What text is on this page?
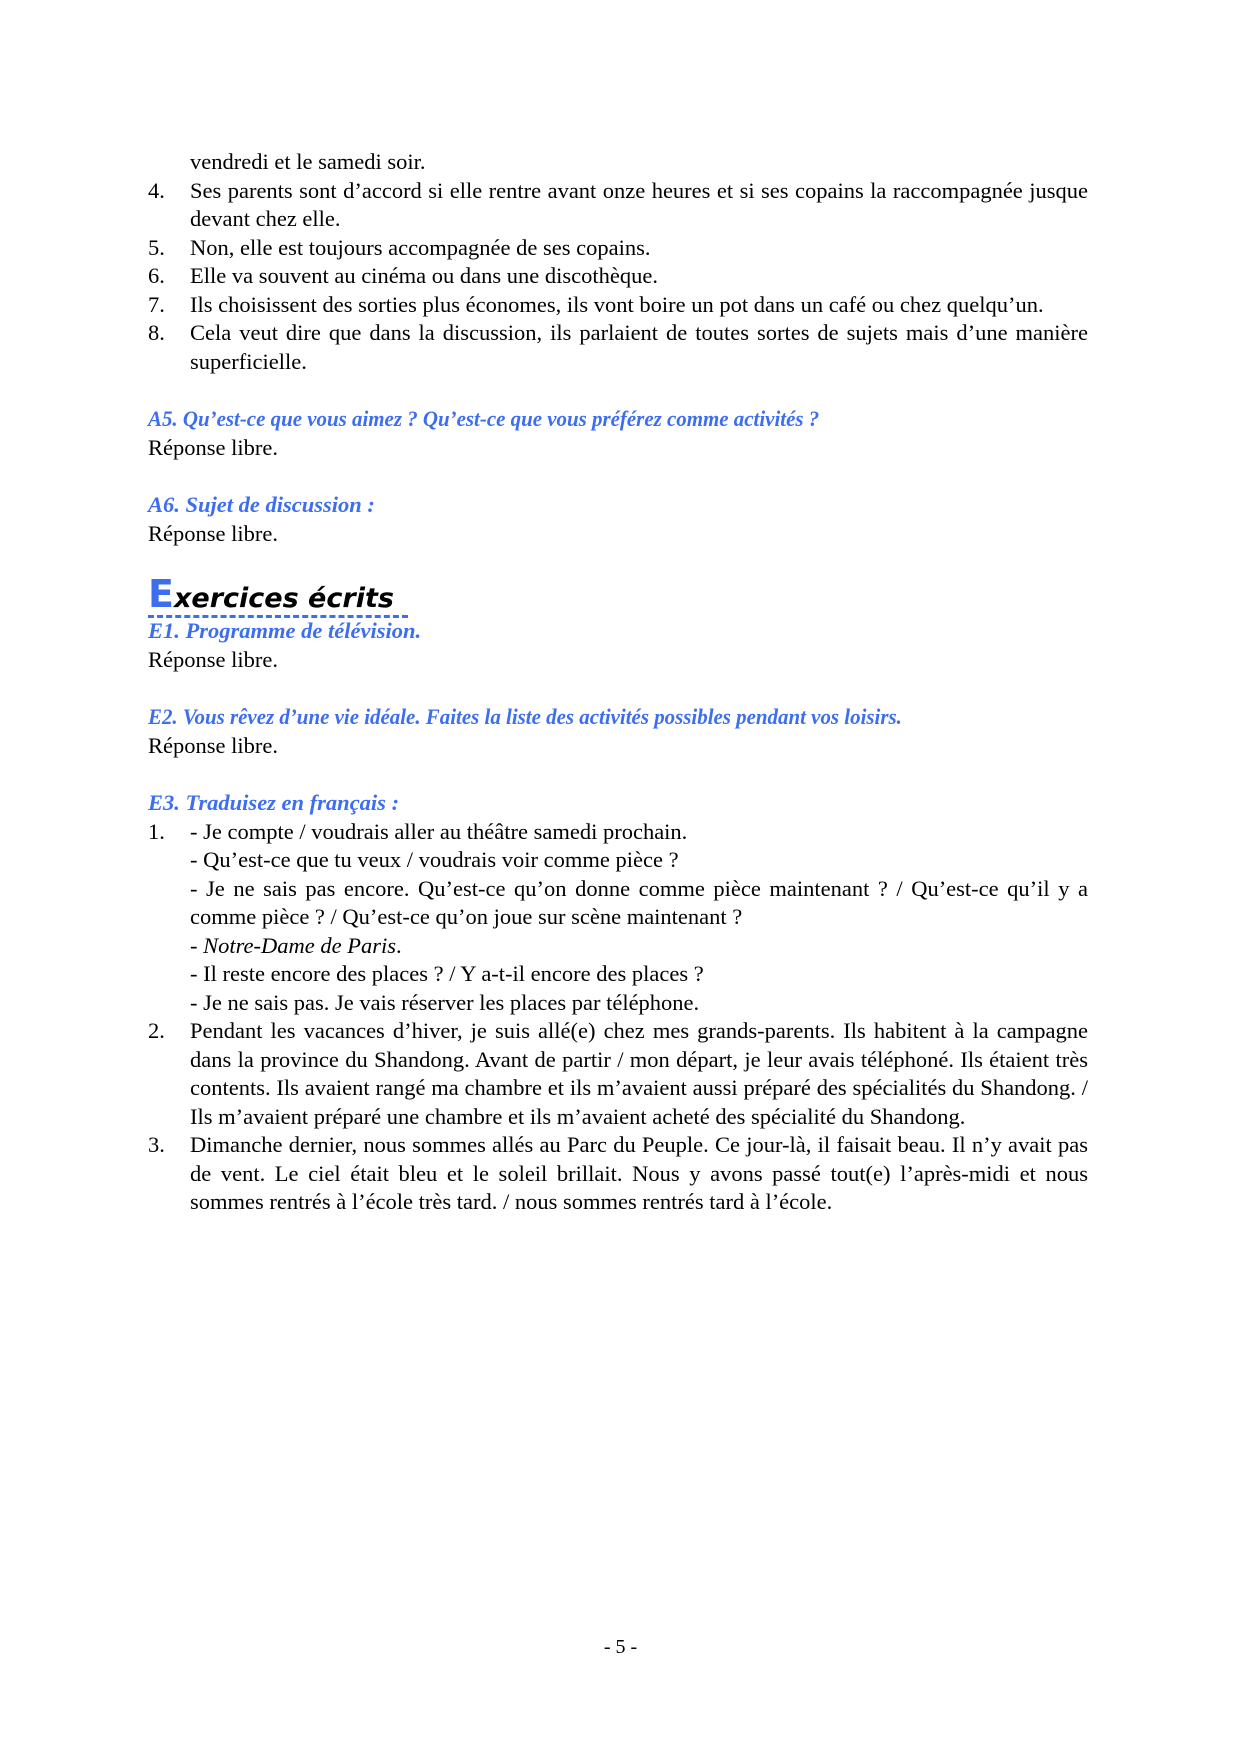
vendredi et le samedi soir.
4.	Ses parents sont d’accord si elle rentre avant onze heures et si ses copains la raccompagnée jusque devant chez elle.
5.	Non, elle est toujours accompagnée de ses copains.
6.	Elle va souvent au cinéma ou dans une discothèque.
7.	Ils choisissent des sorties plus économes, ils vont boire un pot dans un café ou chez quelqu’un.
8.	Cela veut dire que dans la discussion, ils parlaient de toutes sortes de sujets mais d’une manière superficielle.
A5. Qu’est-ce que vous aimez ? Qu’est-ce que vous préférez comme activités ?
Réponse libre.
A6. Sujet de discussion :
Réponse libre.
Exercices écrits
E1. Programme de télévision.
Réponse libre.
E2. Vous rêvez d’une vie idéale. Faites la liste des activités possibles pendant vos loisirs.
Réponse libre.
E3. Traduisez en français :
1.	- Je compte / voudrais aller au théâtre samedi prochain.
- Qu’est-ce que tu veux / voudrais voir comme pièce ?
- Je ne sais pas encore. Qu’est-ce qu’on donne comme pièce maintenant ? / Qu’est-ce qu’il y a comme pièce ? / Qu’est-ce qu’on joue sur scène maintenant ?
- Notre-Dame de Paris.
- Il reste encore des places ? / Y a-t-il encore des places ?
- Je ne sais pas. Je vais réserver les places par téléphone.
2.	Pendant les vacances d’hiver, je suis allé(e) chez mes grands-parents. Ils habitent à la campagne dans la province du Shandong. Avant de partir / mon départ, je leur avais téléphoné. Ils étaient très contents. Ils avaient rangé ma chambre et ils m’avaient aussi préparé des spécialités du Shandong. / Ils m’avaient préparé une chambre et ils m’avaient acheté des spécialité du Shandong.
3.	Dimanche dernier, nous sommes allés au Parc du Peuple. Ce jour-là, il faisait beau. Il n’y avait pas de vent. Le ciel était bleu et le soleil brillait. Nous y avons passé tout(e) l’après-midi et nous sommes rentrés à l’école très tard. / nous sommes rentrés tard à l’école.
- 5 -
